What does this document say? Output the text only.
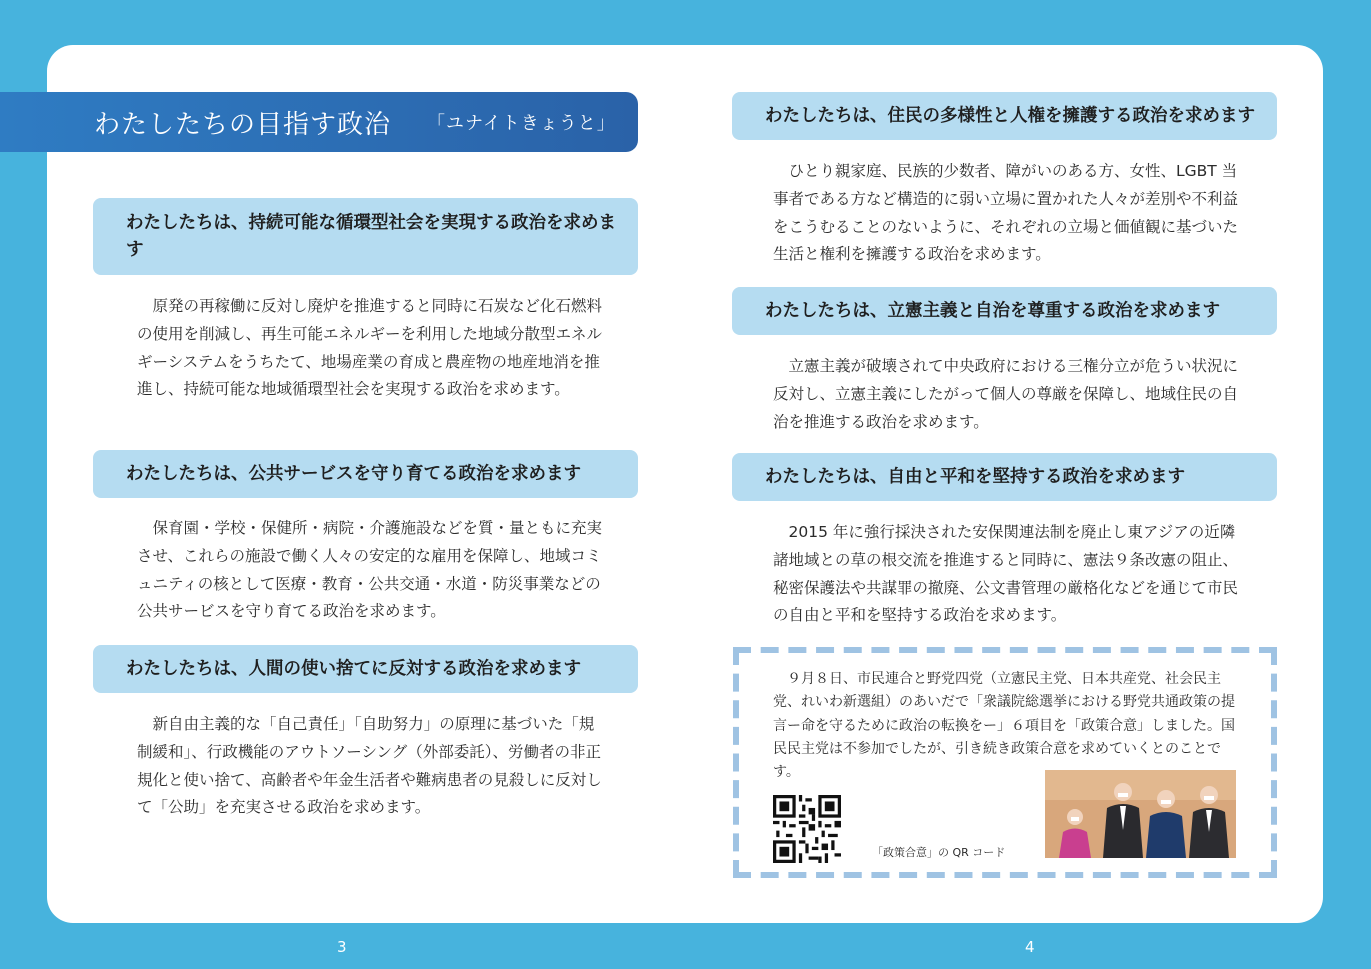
わたしたちの目指す政治 「ユナイトきょうと」
わたしたちは、持続可能な循環型社会を実現する政治を求めます

原発の再稼働に反対し廃炉を推進すると同時に石炭など化石燃料の使用を削減し、再生可能エネルギーを利用した地域分散型エネルギーシステムをうちたて、地場産業の育成と農産物の地産地消を推進し、持続可能な地域循環型社会を実現する政治を求めます。

わたしたちは、公共サービスを守り育てる政治を求めます

保育園・学校・保健所・病院・介護施設などを質・量ともに充実させ、これらの施設で働く人々の安定的な雇用を保障し、地域コミュニティの核として医療・教育・公共交通・水道・防災事業などの公共サービスを守り育てる政治を求めます。

わたしたちは、人間の使い捨てに反対する政治を求めます

新自由主義的な「自己責任」「自助努力」の原理に基づいた「規制緩和」、行政機能のアウトソーシング（外部委託）、労働者の非正規化と使い捨て、高齢者や年金生活者や難病患者の見殺しに反対して「公助」を充実させる政治を求めます。

わたしたちは、住民の多様性と人権を擁護する政治を求めます

ひとり親家庭、民族的少数者、障がいのある方、女性、LGBT 当事者である方など構造的に弱い立場に置かれた人々が差別や不利益をこうむることのないように、それぞれの立場と価値観に基づいた生活と権利を擁護する政治を求めます。

わたしたちは、立憲主義と自治を尊重する政治を求めます

立憲主義が破壊されて中央政府における三権分立が危うい状況に反対し、立憲主義にしたがって個人の尊厳を保障し、地域住民の自治を推進する政治を求めます。

わたしたちは、自由と平和を堅持する政治を求めます

2015 年に強行採決された安保関連法制を廃止し東アジアの近隣諸地域との草の根交流を推進すると同時に、憲法９条改憲の阻止、秘密保護法や共謀罪の撤廃、公文書管理の厳格化などを通じて市民の自由と平和を堅持する政治を求めます。

９月８日、市民連合と野党四党（立憲民主党、日本共産党、社会民主党、れいわ新選組）のあいだで「衆議院総選挙における野党共通政策の提言ー命を守るために政治の転換をー」６項目を「政策合意」しました。国民民主党は不参加でしたが、引き続き政策合意を求めていくとのことです。

「政策合意」の QR コード
3	4
